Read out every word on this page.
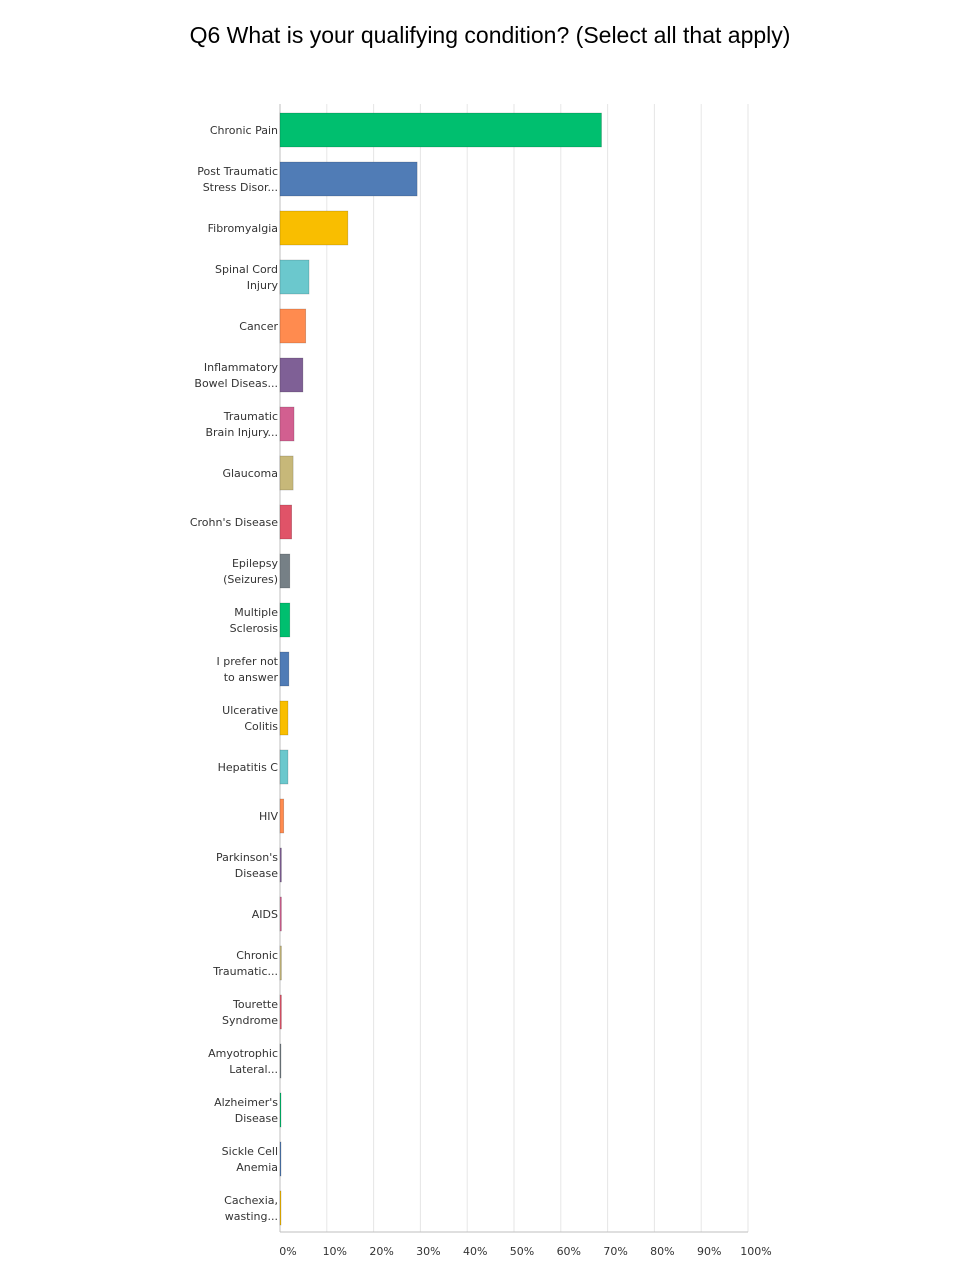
Q6 What is your qualifying condition? (Select all that apply)
0% 10% 20% 30% 40% 50% 60% 70% 80% 90% 100%
Chronic Pain
Post Traumatic Stress Disor...
Fibromyalgia
Spinal Cord Injury
Cancer
Inflammatory Bowel Diseas...
Traumatic Brain Injury...
Glaucoma
Crohn's Disease
Epilepsy (Seizures)
Multiple Sclerosis
I prefer not to answer
Ulcerative Colitis
Hepatitis C
HIV
Parkinson's Disease
AIDS
Chronic Traumatic...
Tourette Syndrome
Amyotrophic Lateral...
Alzheimer's Disease
Sickle Cell Anemia
Cachexia, wasting...
